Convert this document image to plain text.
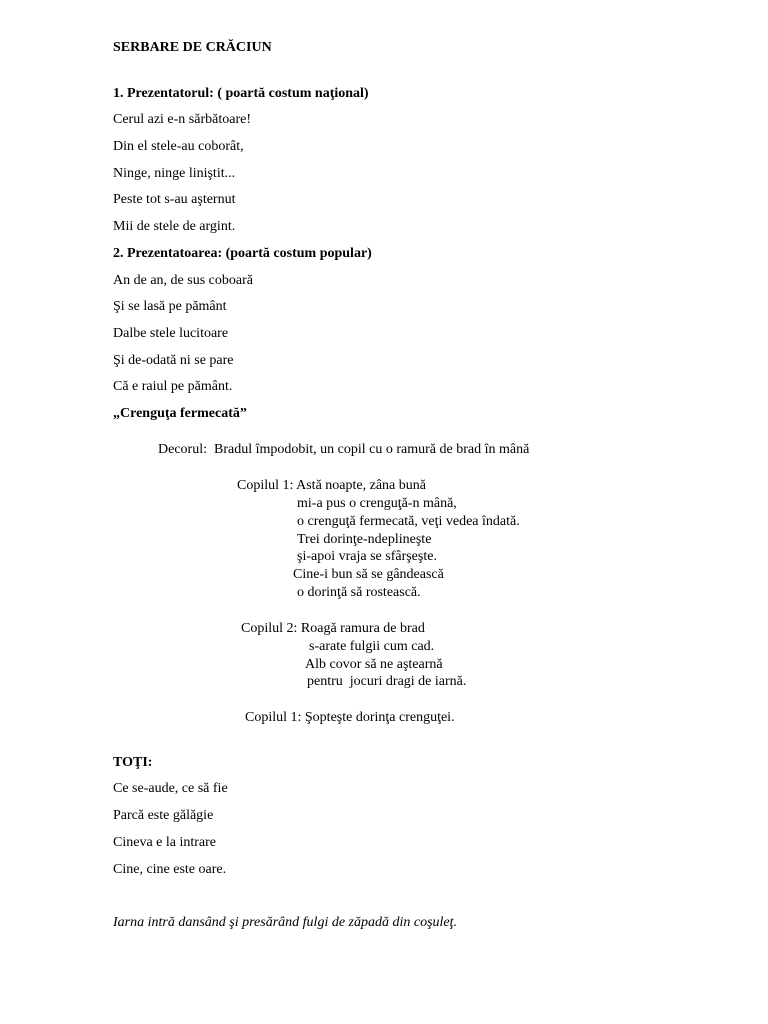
SERBARE DE CRĂCIUN
1. Prezentatorul: ( poartă costum naţional)
Cerul azi e-n sărbătoare!
Din el stele-au coborât,
Ninge, ninge liniştit...
Peste tot s-au aşternut
Mii de stele de argint.
2. Prezentatoarea: (poartă costum popular)
An de an, de sus coboară
Şi se lasă pe pământ
Dalbe stele lucitoare
Şi de-odată ni se pare
Că e raiul pe pământ.
„Crenguţa fermecată”
Decorul:  Bradul împodobit, un copil cu o ramură de brad în mână
Copilul 1: Astă noapte, zâna bună
mi-a pus o crenguţă-n mână,
o crenguţă fermecată, veţi vedea îndată.
Trei dorinţe-ndeplineşte
şi-apoi vraja se sfârşeşte.
Cine-i bun să se gândească
o dorinţă să rostească.
Copilul 2: Roagă ramura de brad
s-arate fulgii cum cad.
Alb covor să ne aştearnă
pentru  jocuri dragi de iarnă.
Copilul 1: Şopteşte dorinţa crenguţei.
TOŢI:
Ce se-aude, ce să fie
Parcă este gălăgie
Cineva e la intrare
Cine, cine este oare.
Iarna intră dansând şi presărând fulgi de zăpadă din coşuleţ.
